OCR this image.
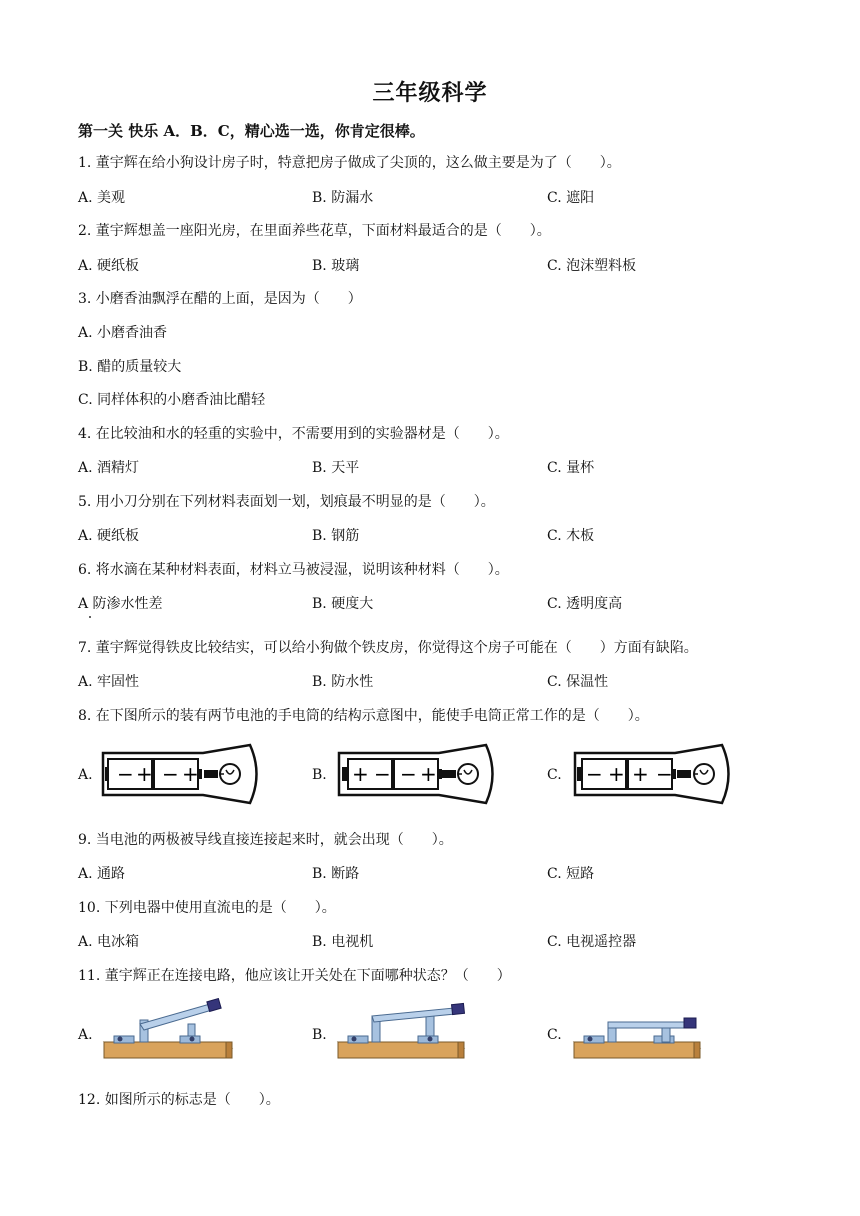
三年级科学
第一关 快乐 A．B．C，精心选一选，你肯定很棒。
1. 董宇辉在给小狗设计房子时，特意把房子做成了尖顶的，这么做主要是为了（　　）。
A. 美观	B. 防漏水	C. 遮阳
2. 董宇辉想盖一座阳光房，在里面养些花草，下面材料最适合的是（　　）。
A. 硬纸板	B. 玻璃	C. 泡沫塑料板
3. 小磨香油飘浮在醋的上面，是因为（　　）
A. 小磨香油香
B. 醋的质量较大
C. 同样体积的小磨香油比醋轻
4. 在比较油和水的轻重的实验中，不需要用到的实验器材是（　　）。
A. 酒精灯	B. 天平	C. 量杯
5. 用小刀分别在下列材料表面划一划，划痕最不明显的是（　　）。
A. 硬纸板	B. 钢筋	C. 木板
6. 将水滴在某种材料表面，材料立马被浸湿，说明该种材料（　　）。
A 防渗水性差	B. 硬度大	C. 透明度高
7. 董宇辉觉得铁皮比较结实，可以给小狗做个铁皮房，你觉得这个房子可能在（　　）方面有缺陷。
A. 牢固性	B. 防水性	C. 保温性
8. 在下图所示的装有两节电池的手电筒的结构示意图中，能使手电筒正常工作的是（　　）。
A.	B.	C.
− + − +	+ − − +	− + + −
9. 当电池的两极被导线直接连接起来时，就会出现（　　）。
A. 通路	B. 断路	C. 短路
10. 下列电器中使用直流电的是（　　）。
A. 电冰箱	B. 电视机	C. 电视遥控器
11. 董宇辉正在连接电路，他应该让开关处在下面哪种状态？（　　）
A.	B.	C.
12. 如图所示的标志是（　　）。
